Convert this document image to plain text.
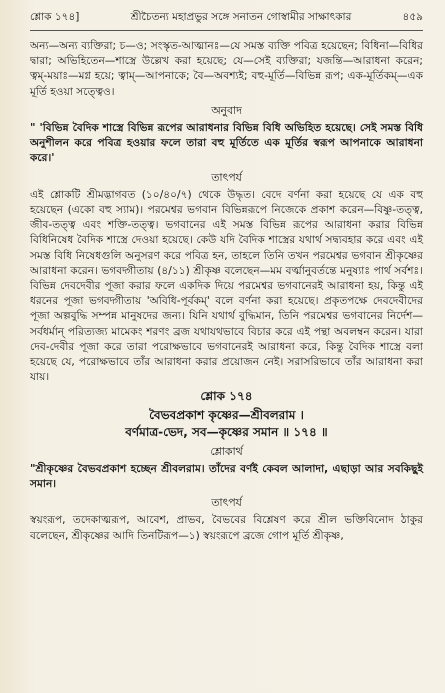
শ্লোক ১৭৪]	শ্রীচৈতন্য মহাপ্রভুর সঙ্গে সনাতন গোস্বামীর সাক্ষাৎকার	৪৫৯

অন্য—অন্য ব্যক্তিরা; চ—ও; সংস্কৃত-আত্মানঃ—যে সমস্ত ব্যক্তি পবিত্র হয়েছেন; বিধিনা—বিধির দ্বারা; অভিহিতেন—শাস্ত্রে উল্লেখ করা হয়েছে; যে—সেই ব্যক্তিরা; যজন্তি—আরাধনা করেন; ত্বম্‌-ময়াঃ—মগ্ন হয়ে; ত্বাম্‌—আপনাকে; বৈ—অবশ্যই; বহু-মূর্তি—বিভিন্ন রূপ; এক-মূর্তিকম্‌—এক মূর্তি হওয়া সত্ত্বেও।

অনুবাদ

" 'বিভিন্ন বৈদিক শাস্ত্রে বিভিন্ন রূপের আরাধনার বিভিন্ন বিধি অভিহিত হয়েছে। সেই সমস্ত বিধি অনুশীলন করে পবিত্র হওয়ার ফলে তারা বহু মূর্তিতে এক মূর্তির স্বরূপ আপনাকে আরাধনা করে।'

তাৎপর্য

এই শ্লোকটি শ্রীমদ্ভাগবত (১০/৪০/৭) থেকে উদ্ধৃত। বেদে বর্ণনা করা হয়েছে যে এক বহু হয়েছেন (একো বহু স্যাম)। পরমেশ্বর ভগবান বিভিন্নরূপে নিজেকে প্রকাশ করেন—বিষ্ণু-তত্ত্ব, জীব-তত্ত্ব এবং শক্তি-তত্ত্ব। ভগবানের এই সমস্ত বিভিন্ন রূপের আরাধনা করার বিভিন্ন বিধিনিষেধ বৈদিক শাস্ত্রে দেওয়া হয়েছে। কেউ যদি বৈদিক শাস্ত্রের যথার্থ সদ্ব্যবহার করে এবং এই সমস্ত বিধি নিষেধগুলি অনুসরণ করে পবিত্র হন, তাহলে তিনি তখন পরমেশ্বর ভগবান শ্রীকৃষ্ণের আরাধনা করেন। ভগবদ্গীতায় (৪/১১) শ্রীকৃষ্ণ বলেছেন—মম বর্ত্মানুবর্তন্তে মনুষ্যাঃ পার্থ সর্বশঃ। বিভিন্ন দেবদেবীর পূজা করার ফলে একদিক দিয়ে পরমেশ্বর ভগবানেরই আরাধনা হয়, কিন্তু এই ধরনের পূজা ভগবদ্গীতায় 'অবিধি-পূর্বকম্‌' বলে বর্ণনা করা হয়েছে। প্রকৃতপক্ষে দেবদেবীদের পূজা অল্পবুদ্ধি সম্পন্ন মানুষদের জন্য। যিনি যথার্থ বুদ্ধিমান, তিনি পরমেশ্বর ভগবানের নির্দেশ—সর্বধর্মান্‌ পরিত্যজ্য মামেকং শরণং ব্রজ যথাযথভাবে বিচার করে এই পন্থা অবলম্বন করেন। যারা দেব-দেবীর পূজা করে তারা পরোক্ষভাবে ভগবানেরই আরাধনা করে, কিন্তু বৈদিক শাস্ত্রে বলা হয়েছে যে, পরোক্ষভাবে তাঁর আরাধনা করার প্রয়োজন নেই। সরাসরিভাবে তাঁর আরাধনা করা যায়।

শ্লোক ১৭৪

বৈভবপ্রকাশ কৃষ্ণের—শ্রীবলরাম ।

বর্ণমাত্র-ভেদ, সব—কৃষ্ণের সমান ॥ ১৭৪ ॥

শ্লোকার্থ

"শ্রীকৃষ্ণের বৈভবপ্রকাশ হচ্ছেন শ্রীবলরাম। তাঁদের বর্ণই কেবল আলাদা, এছাড়া আর সবকিছুই সমান।

তাৎপর্য

স্বয়ংরূপ, তদেকাত্মরূপ, আবেশ, প্রাভব, বৈভবের বিশ্লেষণ করে শ্রীল ভক্তিবিনোদ ঠাকুর বলেছেন, শ্রীকৃষ্ণের আদি তিনটিরূপ—১) স্বয়ংরূপে ব্রজে গোপ মূর্তি শ্রীকৃষ্ণ,
